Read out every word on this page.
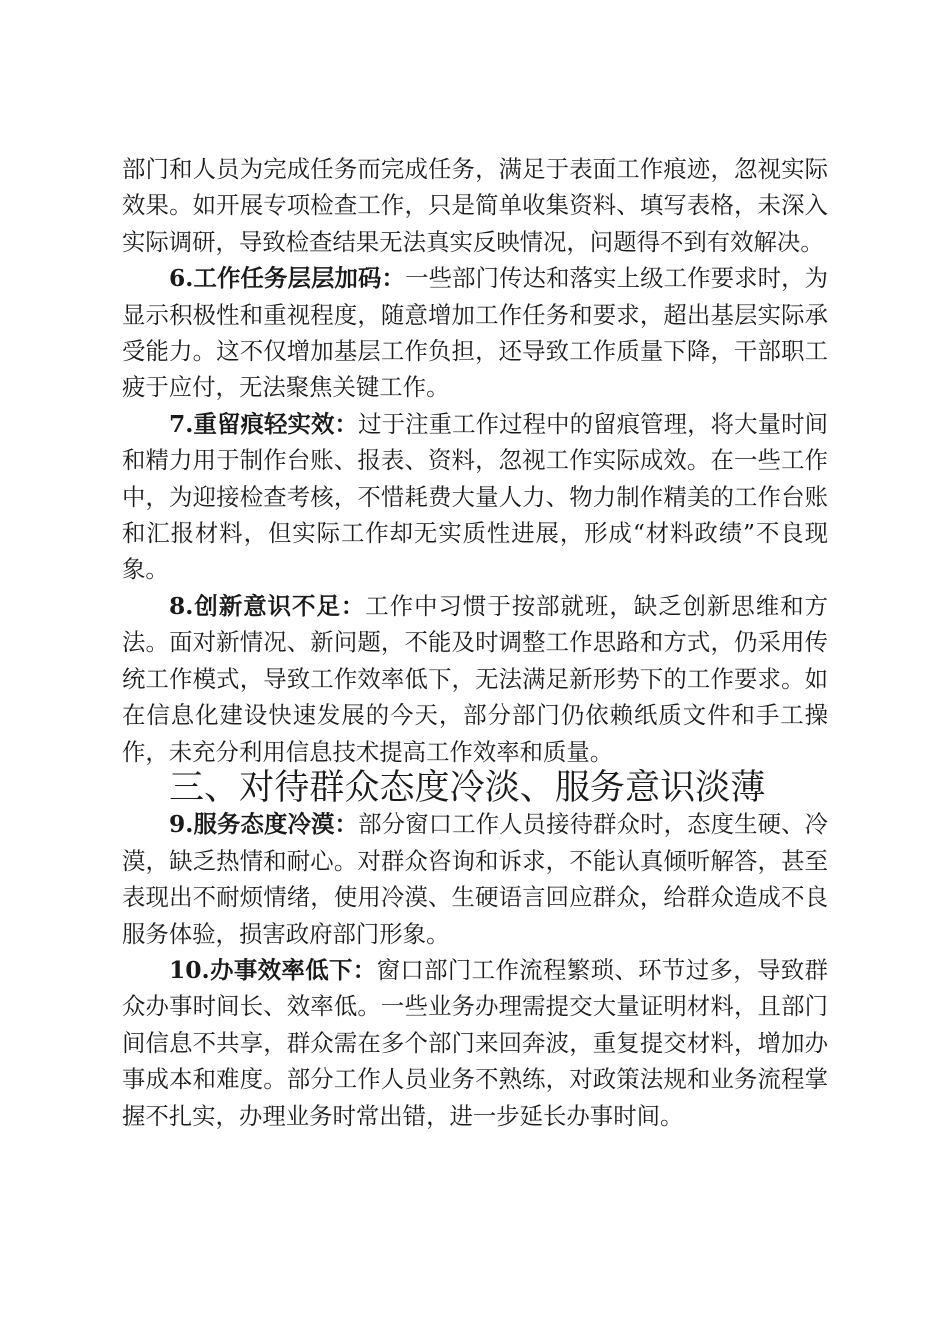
部门和人员为完成任务而完成任务，满足于表面工作痕迹，忽视实际效果。如开展专项检查工作，只是简单收集资料、填写表格，未深入实际调研，导致检查结果无法真实反映情况，问题得不到有效解决。

6.工作任务层层加码：一些部门传达和落实上级工作要求时，为显示积极性和重视程度，随意增加工作任务和要求，超出基层实际承受能力。这不仅增加基层工作负担，还导致工作质量下降，干部职工疲于应付，无法聚焦关键工作。

7.重留痕轻实效：过于注重工作过程中的留痕管理，将大量时间和精力用于制作台账、报表、资料，忽视工作实际成效。在一些工作中，为迎接检查考核，不惜耗费大量人力、物力制作精美的工作台账和汇报材料，但实际工作却无实质性进展，形成“材料政绩”不良现象。

8.创新意识不足：工作中习惯于按部就班，缺乏创新思维和方法。面对新情况、新问题，不能及时调整工作思路和方式，仍采用传统工作模式，导致工作效率低下，无法满足新形势下的工作要求。如在信息化建设快速发展的今天，部分部门仍依赖纸质文件和手工操作，未充分利用信息技术提高工作效率和质量。

三、对待群众态度冷淡、服务意识淡薄

9.服务态度冷漠：部分窗口工作人员接待群众时，态度生硬、冷漠，缺乏热情和耐心。对群众咨询和诉求，不能认真倾听解答，甚至表现出不耐烦情绪，使用冷漠、生硬语言回应群众，给群众造成不良服务体验，损害政府部门形象。

10.办事效率低下：窗口部门工作流程繁琐、环节过多，导致群众办事时间长、效率低。一些业务办理需提交大量证明材料，且部门间信息不共享，群众需在多个部门来回奔波，重复提交材料，增加办事成本和难度。部分工作人员业务不熟练，对政策法规和业务流程掌握不扎实，办理业务时常出错，进一步延长办事时间。
